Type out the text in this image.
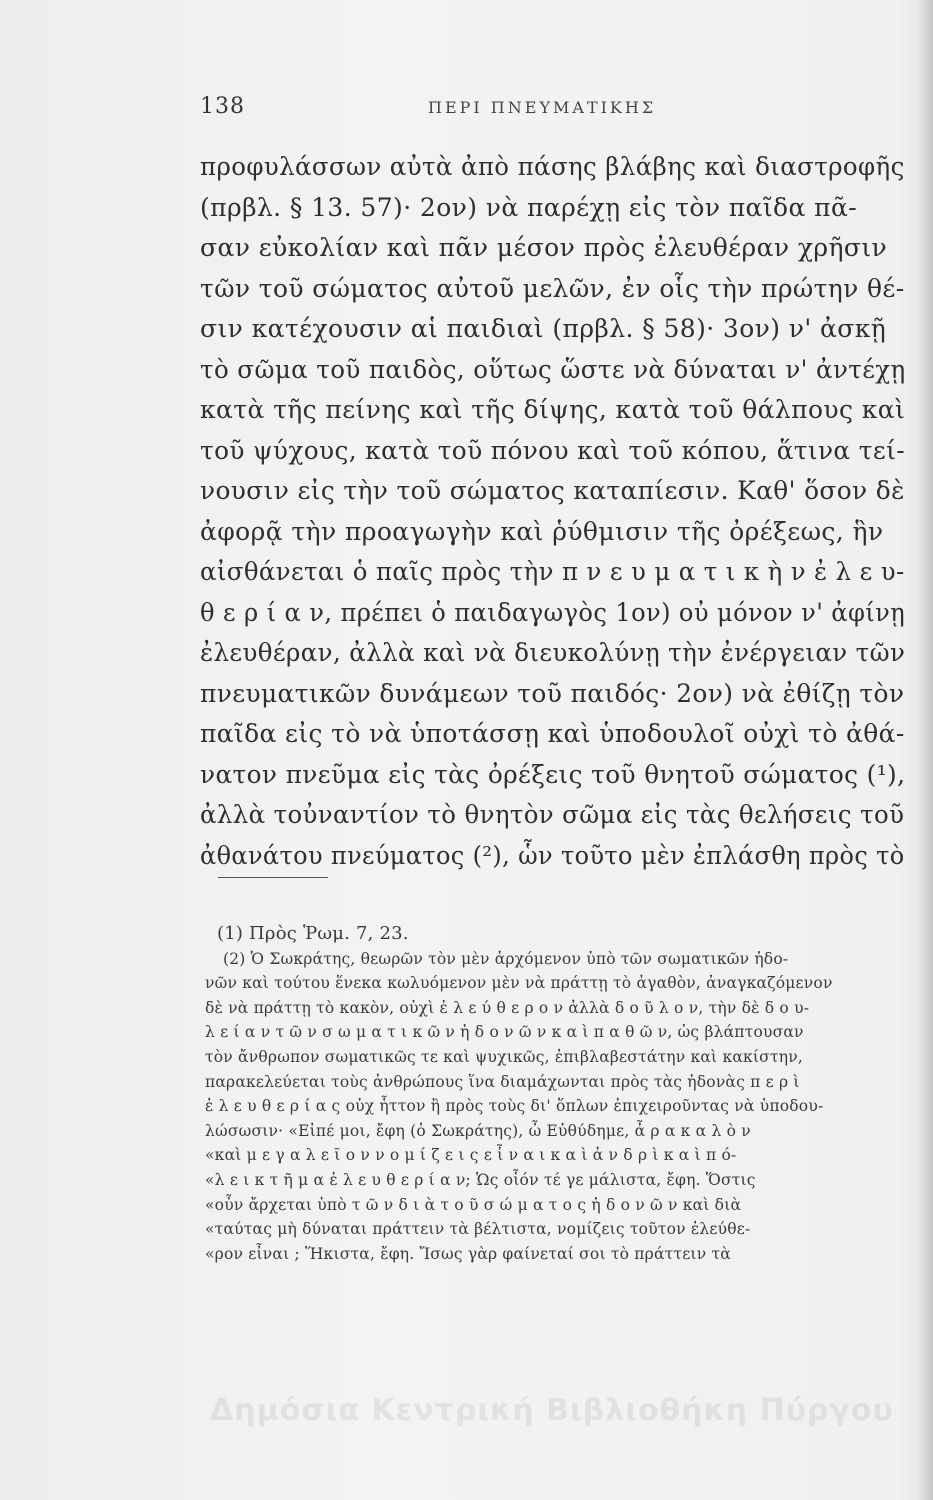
138	ΠΕΡΙ ΠΝΕΥΜΑΤΙΚΗΣ
προφυλάσσων αὐτὰ ἀπὸ πάσης βλάβης καὶ διαστροφῆς
(πρβλ. § 13. 57)· 2ον) νὰ παρέχῃ εἰς τὸν παῖδα πᾶ-
σαν εὐκολίαν καὶ πᾶν μέσον πρὸς ἐλευθέραν χρῆσιν
τῶν τοῦ σώματος αὐτοῦ μελῶν, ἐν οἷς τὴν πρώτην θέ-
σιν κατέχουσιν αἱ παιδιαὶ (πρβλ. § 58)· 3ον) ν' ἀσκῇ
τὸ σῶμα τοῦ παιδὸς, οὕτως ὥστε νὰ δύναται ν' ἀντέχῃ
κατὰ τῆς πείνης καὶ τῆς δίψης, κατὰ τοῦ θάλπους καὶ
τοῦ ψύχους, κατὰ τοῦ πόνου καὶ τοῦ κόπου, ἅτινα τεί-
νουσιν εἰς τὴν τοῦ σώματος καταπίεσιν. Καθ' ὅσον δὲ
ἀφορᾷ τὴν προαγωγὴν καὶ ῥύθμισιν τῆς ὀρέξεως, ἣν
αἰσθάνεται ὁ παῖς πρὸς τὴν π ν ε υ μ α τ ι κ ὴ ν ἐ λ ε υ-
θ ε ρ ί α ν, πρέπει ὁ παιδαγωγὸς 1ον) οὐ μόνον ν' ἀφίνῃ
ἐλευθέραν, ἀλλὰ καὶ νὰ διευκολύνῃ τὴν ἐνέργειαν τῶν
πνευματικῶν δυνάμεων τοῦ παιδός· 2ον) νὰ ἐθίζῃ τὸν
παῖδα εἰς τὸ νὰ ὑποτάσσῃ καὶ ὑποδουλοῖ οὐχὶ τὸ ἀθά-
νατον πνεῦμα εἰς τὰς ὀρέξεις τοῦ θνητοῦ σώματος (¹),
ἀλλὰ τοὐναντίον τὸ θνητὸν σῶμα εἰς τὰς θελήσεις τοῦ
ἀθανάτου πνεύματος (²), ὧν τοῦτο μὲν ἐπλάσθη πρὸς τὸ
(1) Πρὸς Ῥωμ. 7, 23.
(2) Ὁ Σωκράτης, θεωρῶν τὸν μὲν ἀρχόμενον ὑπὸ τῶν σωματικῶν ἡδο-
νῶν καὶ τούτου ἕνεκα κωλυόμενον μὲν νὰ πράττῃ τὸ ἀγαθὸν, ἀναγκαζόμενον
δὲ νὰ πράττῃ τὸ κακὸν, οὐχὶ ἐ λ ε ύ θ ε ρ ο ν ἀλλὰ δ ο ῦ λ ο ν, τὴν δὲ δ ο υ-
λ ε ί α ν τ ῶ ν σ ω μ α τ ι κ ῶ ν ἡ δ ο ν ῶ ν κ α ὶ π α θ ῶ ν, ὡς βλάπτουσαν
τὸν ἄνθρωπον σωματικῶς τε καὶ ψυχικῶς, ἐπιβλαβεστάτην καὶ κακίστην,
παρακελεύεται τοὺς ἀνθρώπους ἵνα διαμάχωνται πρὸς τὰς ἡδονὰς π ε ρ ὶ
ἐ λ ε υ θ ε ρ ί α ς οὐχ ἧττον ἢ πρὸς τοὺς δι' ὅπλων ἐπιχειροῦντας νὰ ὑποδου-
λώσωσιν· «Εἰπέ μοι, ἔφη (ὁ Σωκράτης), ὦ Εὐθύδημε, ἆ ρ α κ α λ ὸ ν
«καὶ μ ε γ α λ ε ῖ ο ν ν ο μ ί ζ ε ι ς ε ἶ ν α ι κ α ὶ ἀ ν δ ρ ὶ κ α ὶ π ό-
«λ ε ι κ τ ῆ μ α ἐ λ ε υ θ ε ρ ί α ν; Ὡς οἷόν τέ γε μάλιστα, ἔφη. Ὅστις
«οὖν ἄρχεται ὑπὸ τ ῶ ν δ ι ὰ τ ο ῦ σ ώ μ α τ ο ς ἡ δ ο ν ῶ ν καὶ διὰ
«ταύτας μὴ δύναται πράττειν τὰ βέλτιστα, νομίζεις τοῦτον ἐλεύθε-
«ρον εἶναι ; Ἥκιστα, ἔφη. Ἴσως γὰρ φαίνεταί σοι τὸ πράττειν τὰ
Δημόσια Κεντρική Βιβλιοθήκη Πύργου
